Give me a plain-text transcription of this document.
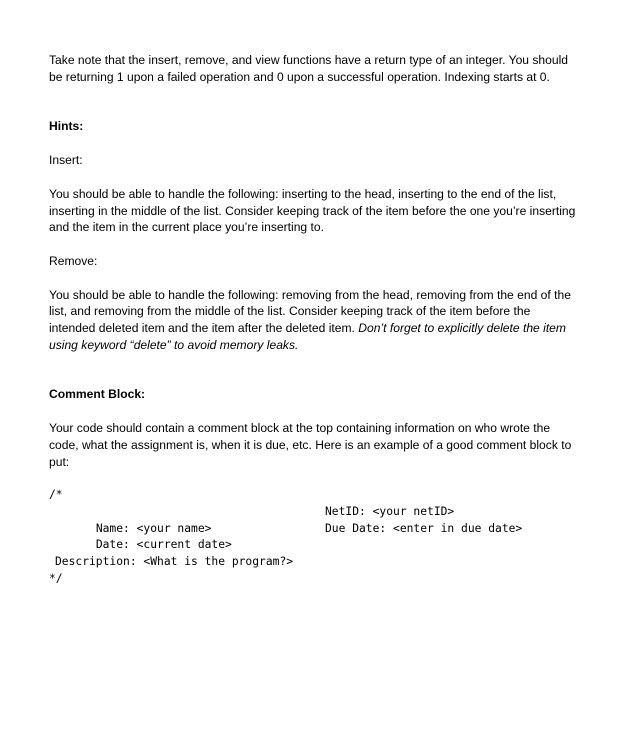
Take note that the insert, remove, and view functions have a return type of an integer. You should be returning 1 upon a failed operation and 0 upon a successful operation. Indexing starts at 0.

Hints:

Insert:

You should be able to handle the following: inserting to the head, inserting to the end of the list, inserting in the middle of the list. Consider keeping track of the item before the one you’re inserting and the item in the current place you’re inserting to.

Remove:

You should be able to handle the following: removing from the head, removing from the end of the list, and removing from the middle of the list. Consider keeping track of the item before the intended deleted item and the item after the deleted item. Don’t forget to explicitly delete the item using keyword “delete” to avoid memory leaks.

Comment Block:

Your code should contain a comment block at the top containing information on who wrote the code, what the assignment is, when it is due, etc. Here is an example of a good comment block to put:

/*

Name: <your name>

NetID: <your netID>

Date: <current date>

Due Date: <enter in due date>

Description: <What is the program?>
*/
